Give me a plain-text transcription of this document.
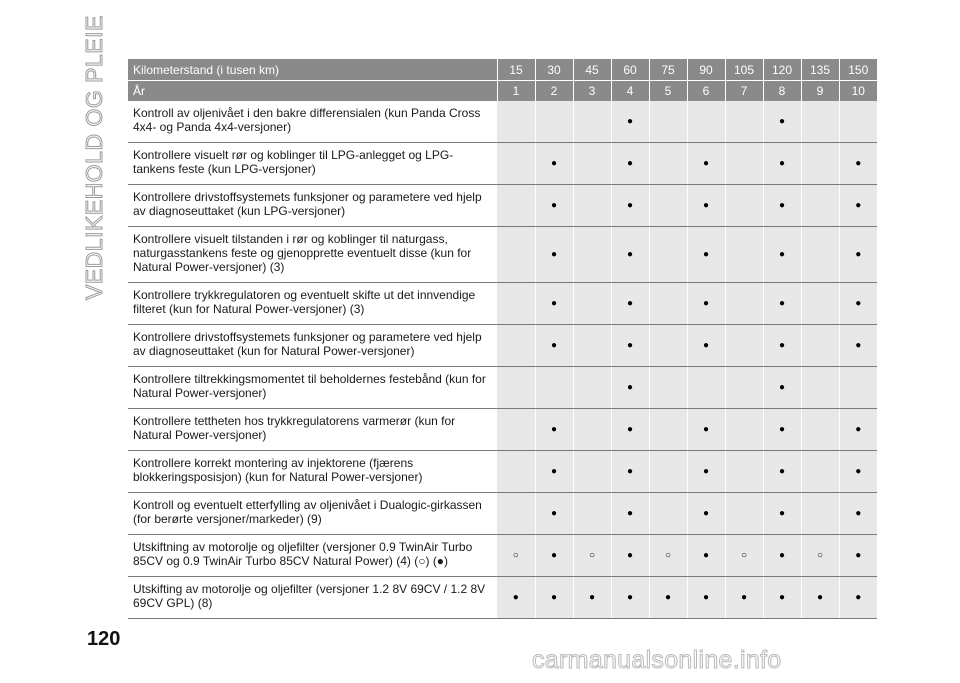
VEDLIKEHOLD OG PLEIE Kilometerstand (i tusen km)	15	30	45	60	75	90	105	120	135	150
År	1	2	3	4	5	6	7	8	9	10
Kontroll av oljenivået i den bakre differensialen (kun Panda Cross 4x4- og Panda 4x4-versjoner)				●				●		
Kontrollere visuelt rør og koblinger til LPG-anlegget og LPG-tankens feste (kun LPG-versjoner)		●		●		●		●		●
Kontrollere drivstoffsystemets funksjoner og parametere ved hjelp av diagnoseuttaket (kun LPG-versjoner)		●		●		●		●		●
Kontrollere visuelt tilstanden i rør og koblinger til naturgass, naturgasstankens feste og gjenopprette eventuelt disse (kun for Natural Power-versjoner) (3)		●		●		●		●		●
Kontrollere trykkregulatoren og eventuelt skifte ut det innvendige filteret (kun for Natural Power-versjoner) (3)		●		●		●		●		●
Kontrollere drivstoffsystemets funksjoner og parametere ved hjelp av diagnoseuttaket (kun for Natural Power-versjoner)		●		●		●		●		●
Kontrollere tiltrekkingsmomentet til beholdernes festebånd (kun for Natural Power-versjoner)				●				●		
Kontrollere tettheten hos trykkregulatorens varmerør (kun for Natural Power-versjoner)		●		●		●		●		●
Kontrollere korrekt montering av injektorene (fjærens blokkeringsposisjon) (kun for Natural Power-versjoner)		●		●		●		●		●
Kontroll og eventuelt etterfylling av oljenivået i Dualogic-girkassen (for berørte versjoner/markeder) (9)		●		●		●		●		●
Utskiftning av motorolje og oljefilter (versjoner 0.9 TwinAir Turbo 85CV og 0.9 TwinAir Turbo 85CV Natural Power) (4) (○) (●)	○	●	○	●	○	●	○	●	○	●
Utskifting av motorolje og oljefilter (versjoner 1.2 8V 69CV / 1.2 8V 69CV GPL) (8)	●	●	●	●	●	●	●	●	●	●
120
carmanualsonline.info
